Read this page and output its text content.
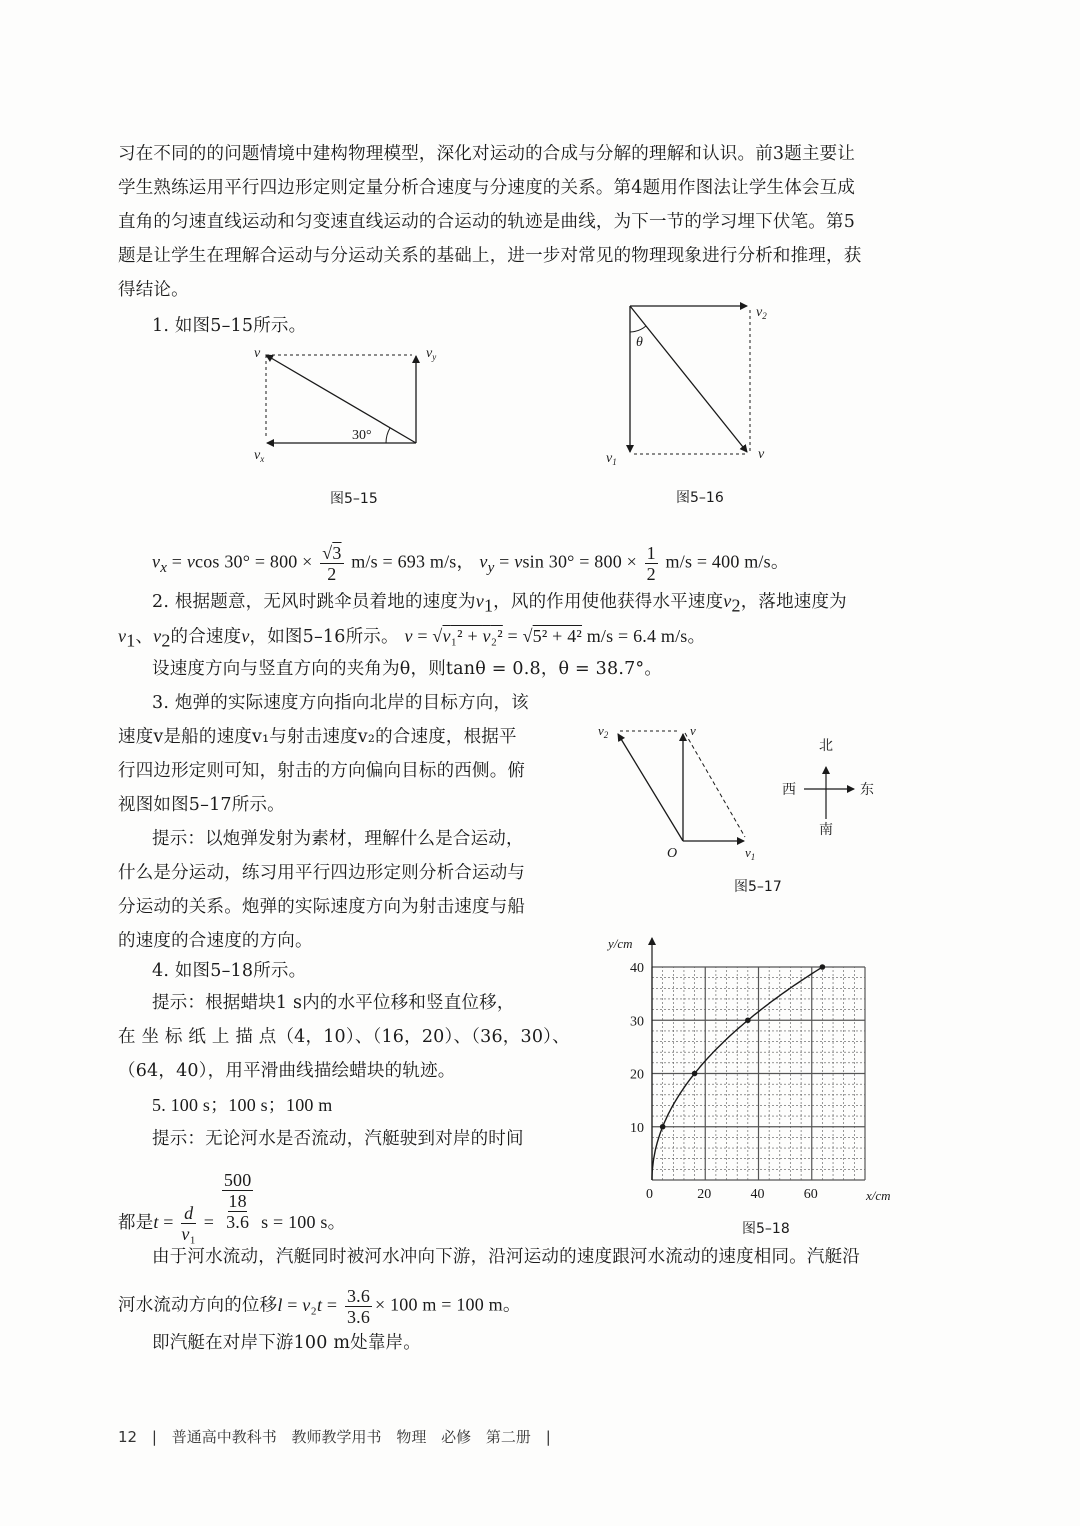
习在不同的的问题情境中建构物理模型，深化对运动的合成与分解的理解和认识。前3题主要让
学生熟练运用平行四边形定则定量分析合速度与分速度的关系。第4题用作图法让学生体会互成
直角的匀速直线运动和匀变速直线运动的合运动的轨迹是曲线，为下一节的学习埋下伏笔。第5
题是让学生在理解合运动与分运动关系的基础上，进一步对常见的物理现象进行分析和推理，获
得结论。
1. 如图5–15所示。
30°
v	$v_y$
$v_x$
图5–15
θ
$v_2$
$v_1$	v
图5–16
$v_x = vcos$ $30^\circ = 800 \times \frac{√3}{2} m/s = 693$ m/s， $v_y = vsin$ $30^\circ = 800 \times \frac{1}{2} m/s = 400$ m/s。
2. 根据题意，无风时跳伞员着地的速度为$v_1$，风的作用使他获得水平速度$v_2$，落地速度为
$v_1$、$v_2$的合速度v，如图5–16所示。 v = √v₁² + v₂² = √5² + 4² m/s = 6.4 m/s。
设速度方向与竖直方向的夹角为θ，则tanθ = 0.8，θ = 38.7°。
3. 炮弹的实际速度方向指向北岸的目标方向，该
速度v是船的速度v₁与射击速度v₂的合速度，根据平
行四边形定则可知，射击的方向偏向目标的西侧。俯
视图如图5–17所示。
提示：以炮弹发射为素材，理解什么是合运动，
什么是分运动，练习用平行四边形定则分析合运动与
分运动的关系。炮弹的实际速度方向为射击速度与船
的速度的合速度的方向。
$v_2$	v
$v_1$
O
北
南
东
西
图5–17
y/cm
x/cm
0	20	40	60
10
20
30
40
图5–18
4. 如图5–18所示。
提示：根据蜡块1 s内的水平位移和竖直位移，
在 坐 标 纸 上 描 点（4，10）、（16，20）、（36，30）、
（64，40），用平滑曲线描绘蜡块的轨迹。
5. 100 s；100 s；100 m
提示：无论河水是否流动，汽艇驶到对岸的时间
都是$t = \frac{d}{\text{v₁}}$ =
500
18
3.6 s = 100 s。
由于河水流动，汽艇同时被河水冲向下游，沿河运动的速度跟河水流动的速度相同。汽艇沿
河水流动方向的位移$l = v_2t = \frac{3.6}{3.6} \times 100$ m = 100 m。
即汽艇在对岸下游100 m处靠岸。
12 | 普通高中教科书 教师教学用书 物理 必修 第二册 |
